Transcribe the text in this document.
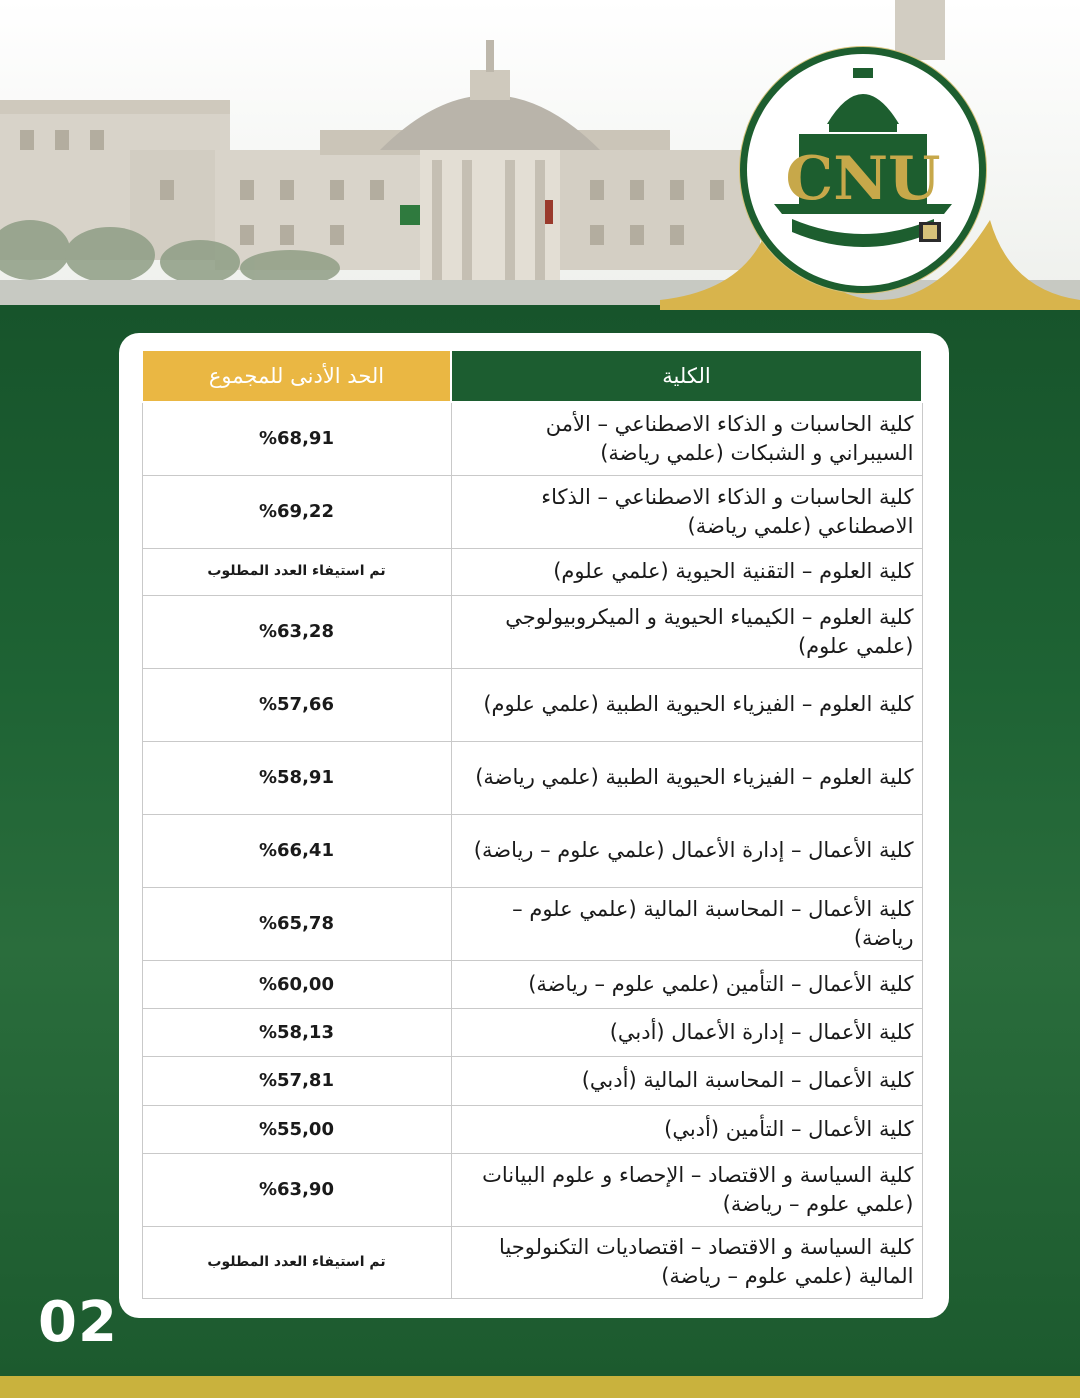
CNU
الكلية	الحد الأدنى للمجموع
كلية الحاسبات و الذكاء الاصطناعي – الأمن السيبراني و الشبكات (علمي رياضة)	%68,91
كلية الحاسبات و الذكاء الاصطناعي – الذكاء الاصطناعي (علمي رياضة)	%69,22
كلية العلوم – التقنية الحيوية (علمي علوم)	تم استيفاء العدد المطلوب
كلية العلوم – الكيمياء الحيوية و الميكروبيولوجي (علمي علوم)	%63,28
كلية العلوم – الفيزياء الحيوية الطبية (علمي علوم)	%57,66
كلية العلوم – الفيزياء الحيوية الطبية (علمي رياضة)	%58,91
كلية الأعمال – إدارة الأعمال (علمي علوم – رياضة)	%66,41
كلية الأعمال – المحاسبة المالية (علمي علوم – رياضة)	%65,78
كلية الأعمال – التأمين (علمي علوم – رياضة)	%60,00
كلية الأعمال – إدارة الأعمال (أدبي)	%58,13
كلية الأعمال – المحاسبة المالية (أدبي)	%57,81
كلية الأعمال – التأمين (أدبي)	%55,00
كلية السياسة و الاقتصاد – الإحصاء و علوم البيانات (علمي علوم – رياضة)	%63,90
كلية السياسة و الاقتصاد – اقتصاديات التكنولوجيا المالية (علمي علوم – رياضة)	تم استيفاء العدد المطلوب
02
